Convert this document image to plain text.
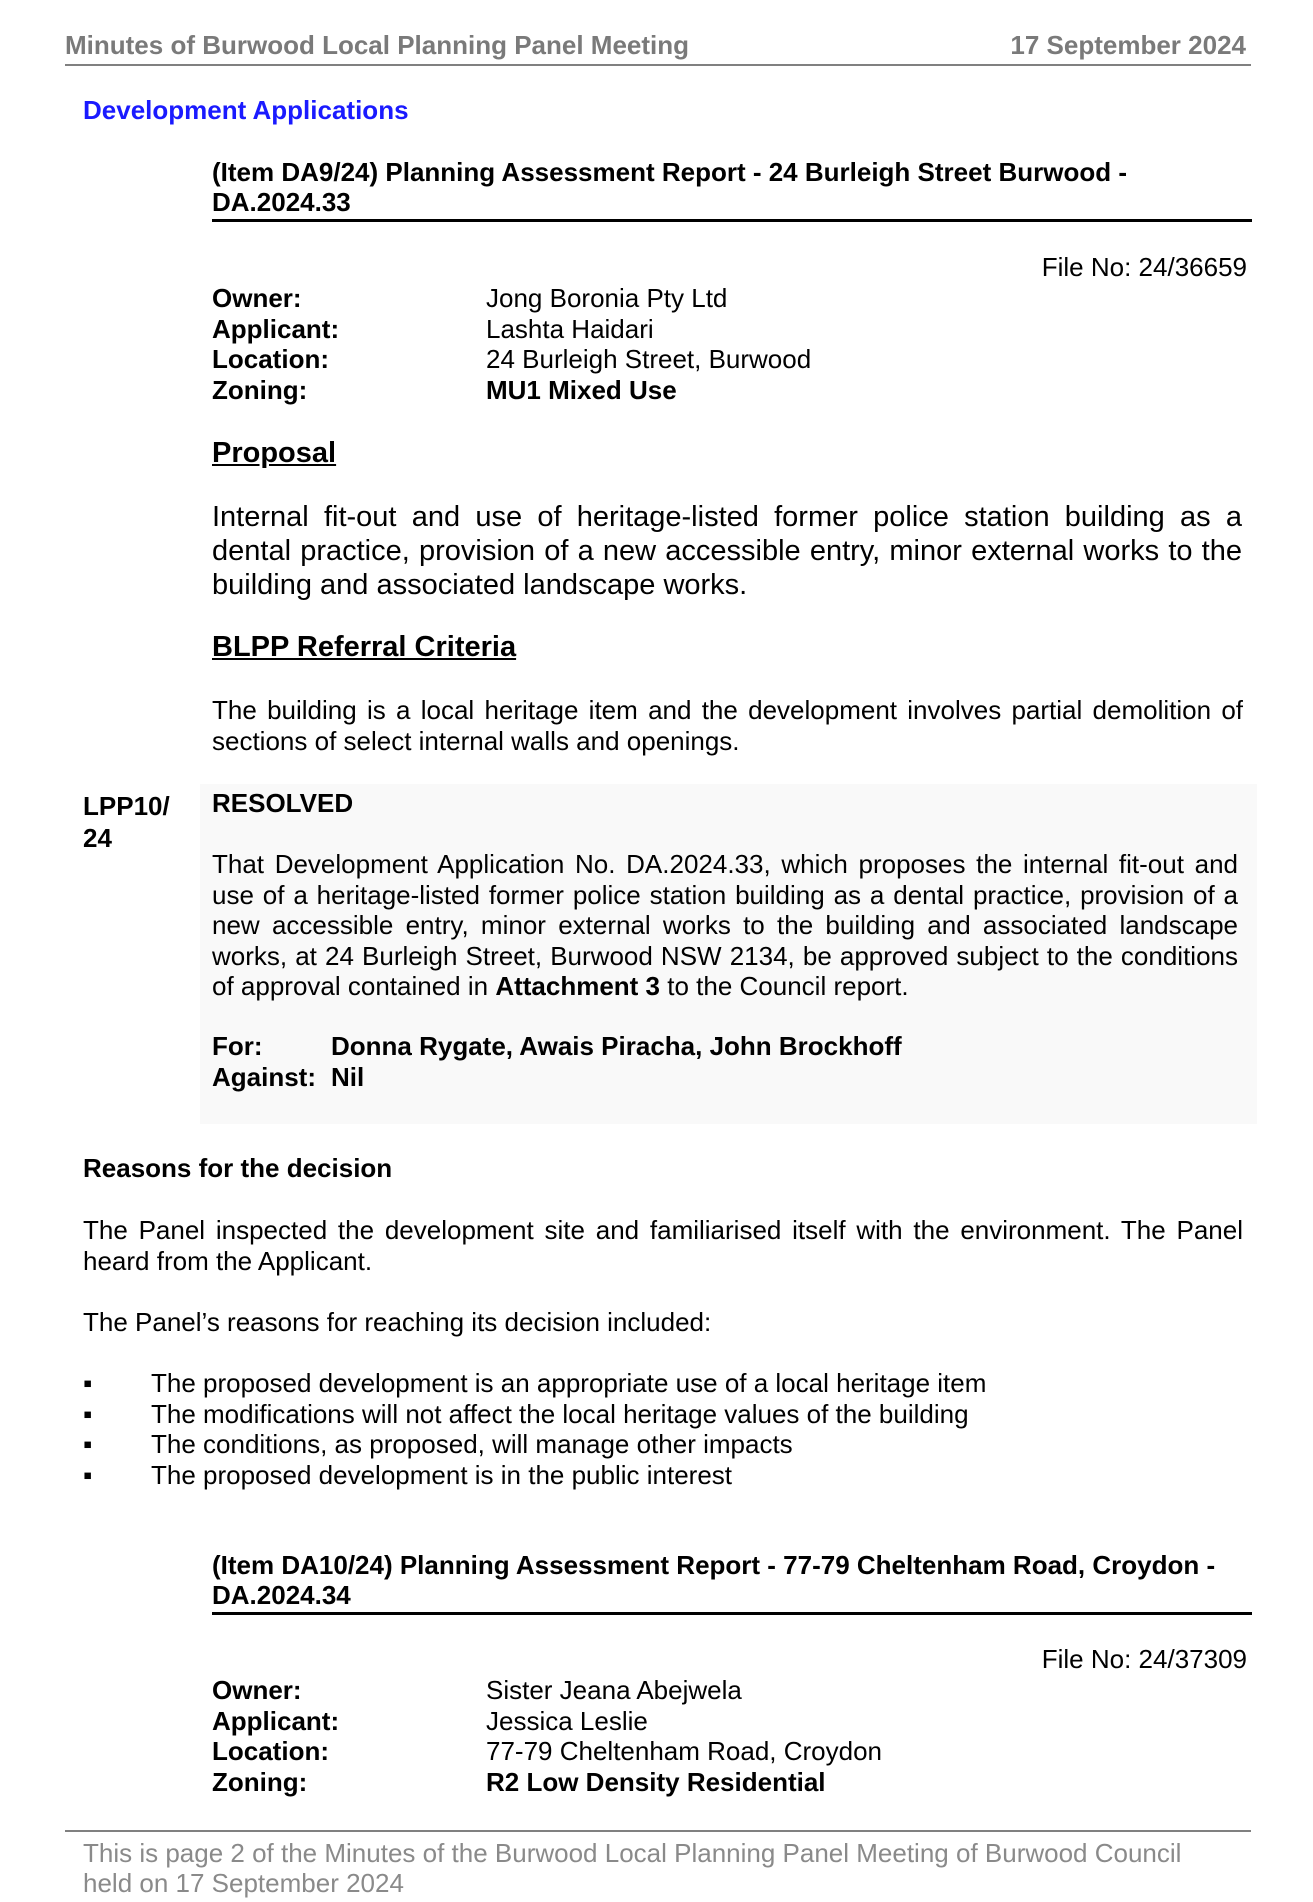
Minutes of Burwood Local Planning Panel Meeting	17 September 2024
Development Applications
(Item DA9/24) Planning Assessment Report - 24 Burleigh Street Burwood -
DA.2024.33
File No: 24/36659
Owner:	Jong Boronia Pty Ltd
Applicant:	Lashta Haidari
Location:	24 Burleigh Street, Burwood
Zoning:	MU1 Mixed Use
Proposal
Internal fit-out and use of heritage-listed former police station building as a dental practice, provision of a new accessible entry, minor external works to the building and associated landscape works.
BLPP Referral Criteria
The building is a local heritage item and the development involves partial demolition of sections of select internal walls and openings.
LPP10/
24
RESOLVED
That Development Application No. DA.2024.33, which proposes the internal fit-out and use of a heritage-listed former police station building as a dental practice, provision of a new accessible entry, minor external works to the building and associated landscape works, at 24 Burleigh Street, Burwood NSW 2134, be approved subject to the conditions of approval contained in Attachment 3 to the Council report.
For:	Donna Rygate, Awais Piracha, John Brockhoff
Against: Nil
Reasons for the decision
The Panel inspected the development site and familiarised itself with the environment. The Panel heard from the Applicant.
The Panel’s reasons for reaching its decision included:
▪ The proposed development is an appropriate use of a local heritage item
▪ The modifications will not affect the local heritage values of the building
▪ The conditions, as proposed, will manage other impacts
▪ The proposed development is in the public interest
(Item DA10/24) Planning Assessment Report - 77-79 Cheltenham Road, Croydon -
DA.2024.34
File No: 24/37309
Owner:	Sister Jeana Abejwela
Applicant:	Jessica Leslie
Location:	77-79 Cheltenham Road, Croydon
Zoning:	R2 Low Density Residential
This is page 2 of the Minutes of the Burwood Local Planning Panel Meeting of Burwood Council
held on 17 September 2024
